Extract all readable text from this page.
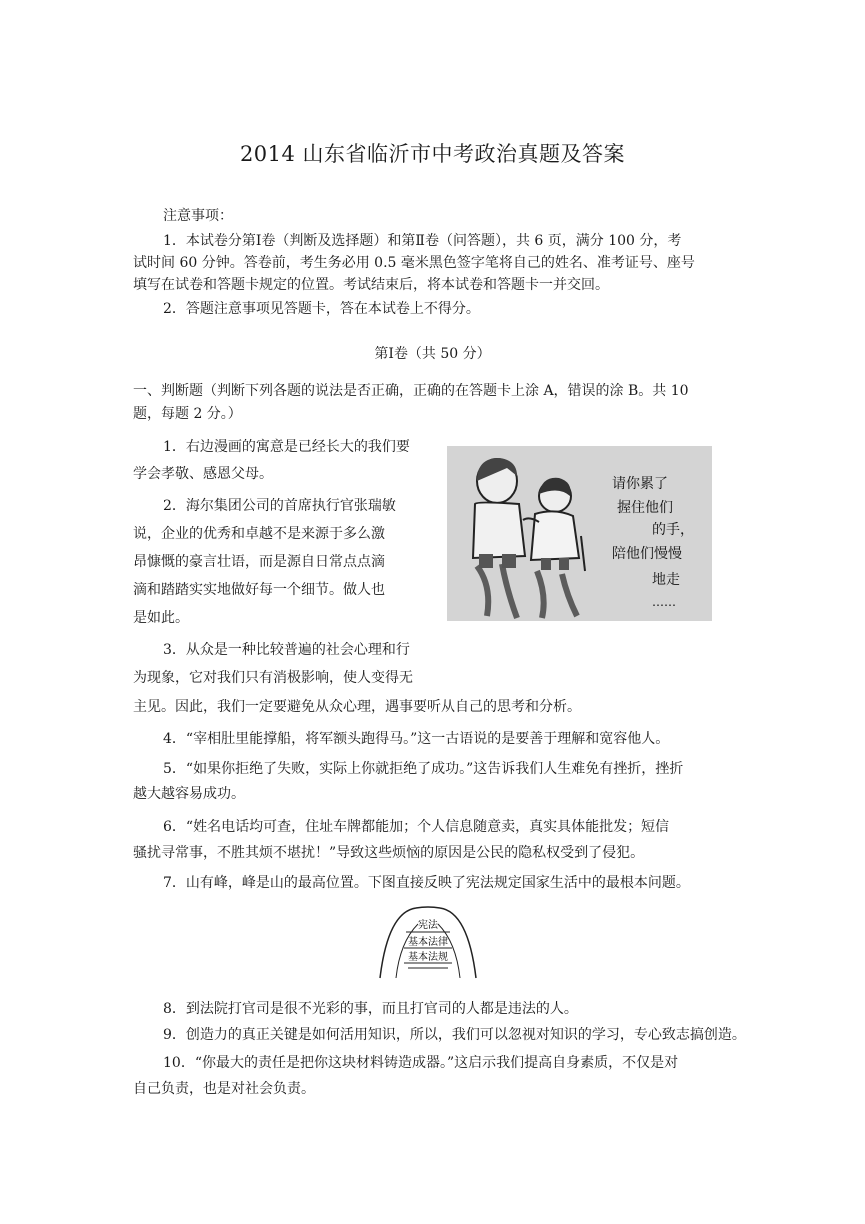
2014 山东省临沂市中考政治真题及答案
注意事项：
1．本试卷分第Ⅰ卷（判断及选择题）和第Ⅱ卷（问答题），共 6 页，满分 100 分，考
试时间 60 分钟。答卷前，考生务必用 0.5 毫米黑色签字笔将自己的姓名、准考证号、座号
填写在试卷和答题卡规定的位置。考试结束后，将本试卷和答题卡一并交回。
2．答题注意事项见答题卡，答在本试卷上不得分。
第Ⅰ卷（共 50 分）
一、判断题（判断下列各题的说法是否正确，正确的在答题卡上涂 A，错误的涂 B。共 10
题，每题 2 分。）
1．右边漫画的寓意是已经长大的我们要
学会孝敬、感恩父母。
2．海尔集团公司的首席执行官张瑞敏
说，企业的优秀和卓越不是来源于多么激
昂慷慨的豪言壮语，而是源自日常点点滴
滴和踏踏实实地做好每一个细节。做人也
是如此。
3．从众是一种比较普遍的社会心理和行
为现象，它对我们只有消极影响，使人变得无
主见。因此，我们一定要避免从众心理，遇事要听从自己的思考和分析。
4．“宰相肚里能撑船，将军额头跑得马。”这一古语说的是要善于理解和宽容他人。
5．“如果你拒绝了失败，实际上你就拒绝了成功。”这告诉我们人生难免有挫折，挫折
越大越容易成功。
6．“姓名电话均可查，住址车牌都能加；个人信息随意卖，真实具体能批发；短信
骚扰寻常事，不胜其烦不堪扰！”导致这些烦恼的原因是公民的隐私权受到了侵犯。
7．山有峰，峰是山的最高位置。下图直接反映了宪法规定国家生活中的最根本问题。
8．到法院打官司是很不光彩的事，而且打官司的人都是违法的人。
9．创造力的真正关键是如何活用知识，所以，我们可以忽视对知识的学习，专心致志搞创造。
10．“你最大的责任是把你这块材料铸造成器。”这启示我们提高自身素质，不仅是对
自己负责，也是对社会负责。
请你累了
握住他们
的手，
陪他们慢慢
地走
……
宪法
基本法律
基本法规
